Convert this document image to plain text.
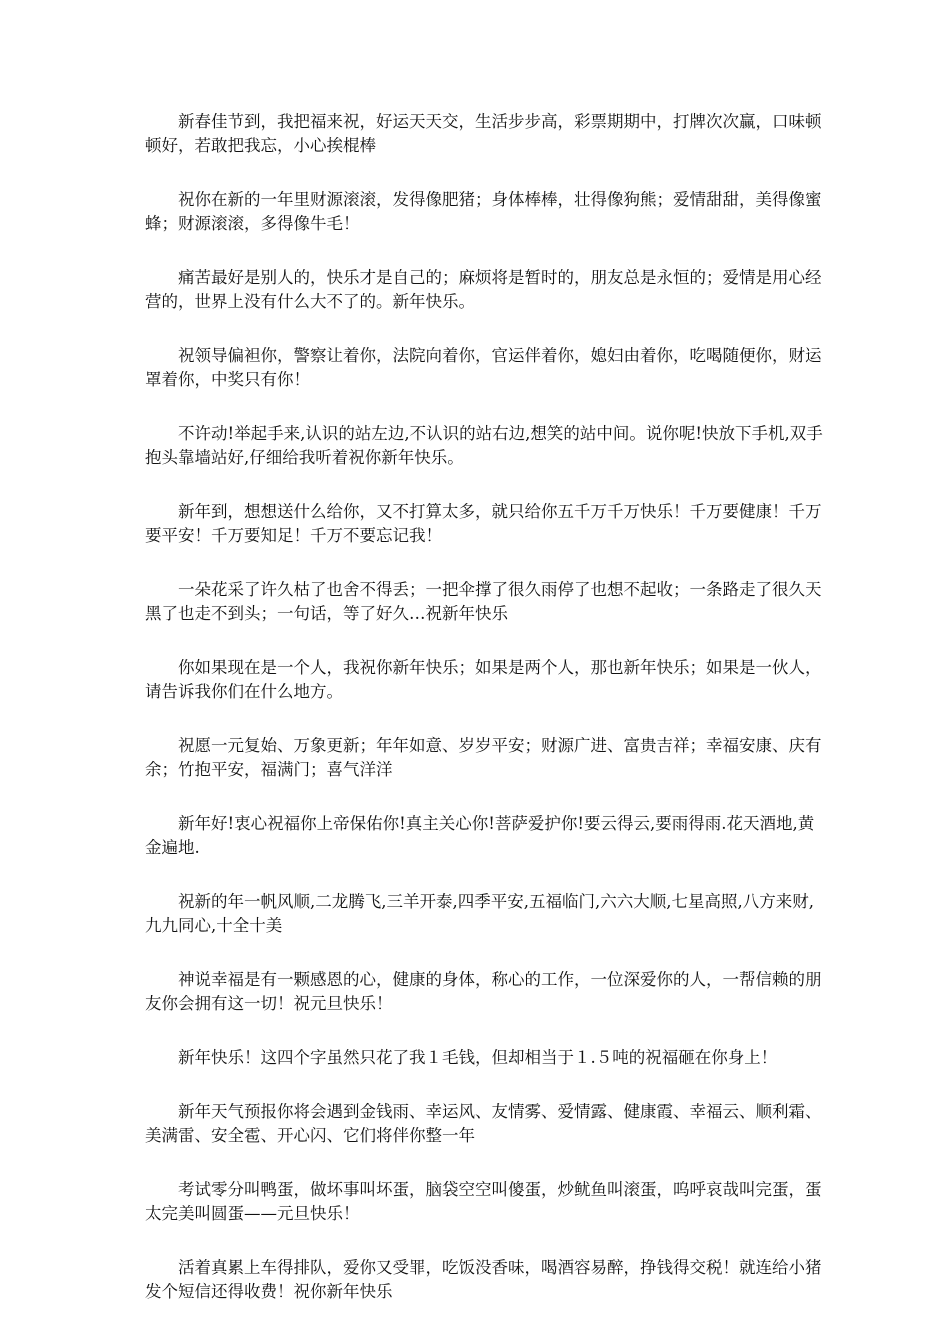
新春佳节到，我把福来祝，好运天天交，生活步步高，彩票期期中，打牌次次赢，口味顿顿好，若敢把我忘，小心挨棍棒

祝你在新的一年里财源滚滚，发得像肥猪；身体棒棒，壮得像狗熊；爱情甜甜，美得像蜜蜂；财源滚滚，多得像牛毛！

痛苦最好是别人的，快乐才是自己的；麻烦将是暂时的，朋友总是永恒的；爱情是用心经营的，世界上没有什么大不了的。新年快乐。

祝领导偏袒你，警察让着你，法院向着你，官运伴着你，媳妇由着你，吃喝随便你，财运罩着你，中奖只有你！

不许动!举起手来,认识的站左边,不认识的站右边,想笑的站中间。说你呢!快放下手机,双手抱头靠墙站好,仔细给我听着祝你新年快乐。

新年到，想想送什么给你，又不打算太多，就只给你五千万千万快乐！千万要健康！千万要平安！千万要知足！千万不要忘记我！

一朵花采了许久枯了也舍不得丢；一把伞撑了很久雨停了也想不起收；一条路走了很久天黑了也走不到头；一句话，等了好久…祝新年快乐

你如果现在是一个人，我祝你新年快乐；如果是两个人，那也新年快乐；如果是一伙人，请告诉我你们在什么地方。

祝愿一元复始、万象更新；年年如意、岁岁平安；财源广进、富贵吉祥；幸福安康、庆有余；竹抱平安，福满门；喜气洋洋

新年好!衷心祝福你上帝保佑你!真主关心你!菩萨爱护你!要云得云,要雨得雨.花天酒地,黄金遍地.

祝新的年一帆风顺,二龙腾飞,三羊开泰,四季平安,五福临门,六六大顺,七星高照,八方来财,九九同心,十全十美

神说幸福是有一颗感恩的心，健康的身体，称心的工作，一位深爱你的人，一帮信赖的朋友你会拥有这一切！祝元旦快乐！

新年快乐！这四个字虽然只花了我１毛钱，但却相当于１.５吨的祝福砸在你身上！

新年天气预报你将会遇到金钱雨、幸运风、友情雾、爱情露、健康霞、幸福云、顺利霜、美满雷、安全雹、开心闪、它们将伴你整一年

考试零分叫鸭蛋，做坏事叫坏蛋，脑袋空空叫傻蛋，炒鱿鱼叫滚蛋，呜呼哀哉叫完蛋，蛋太完美叫圆蛋——元旦快乐！

活着真累上车得排队，爱你又受罪，吃饭没香味，喝酒容易醉，挣钱得交税！就连给小猪发个短信还得收费！祝你新年快乐
